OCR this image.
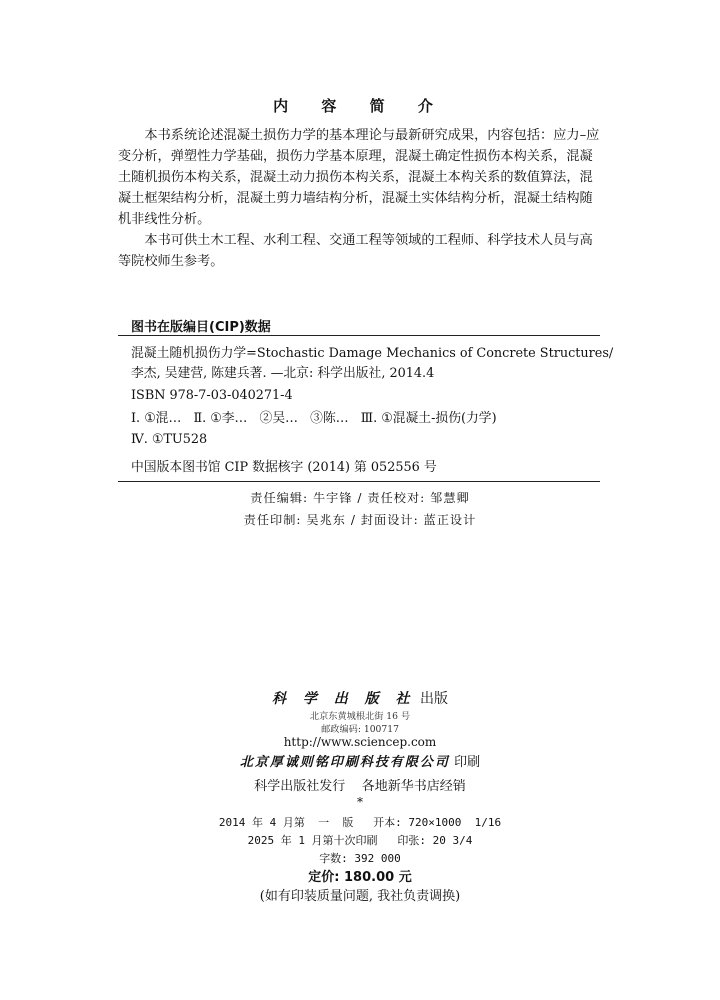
内 容 简 介

本书系统论述混凝土损伤力学的基本理论与最新研究成果，内容包括：应力–应变分析，弹塑性力学基础，损伤力学基本原理，混凝土确定性损伤本构关系，混凝土随机损伤本构关系，混凝土动力损伤本构关系，混凝土本构关系的数值算法，混凝土框架结构分析，混凝土剪力墙结构分析，混凝土实体结构分析，混凝土结构随机非线性分析。

本书可供土木工程、水利工程、交通工程等领域的工程师、科学技术人员与高等院校师生参考。

图书在版编目(CIP)数据
混凝土随机损伤力学=Stochastic Damage Mechanics of Concrete Structures/
李杰, 吴建营, 陈建兵著. —北京: 科学出版社, 2014.4
ISBN 978-7-03-040271-4
Ⅰ. ①混…   Ⅱ. ①李…   ②吴…   ③陈…   Ⅲ. ①混凝土-损伤(力学)
Ⅳ. ①TU528
中国版本图书馆 CIP 数据核字 (2014) 第 052556 号
责任编辑: 牛宇锋 / 责任校对: 邹慧卿
责任印制: 吴兆东 / 封面设计: 蓝正设计
科 学 出 版 社 出版
北京东黄城根北街 16 号
邮政编码: 100717
http://www.sciencep.com
北京厚诚则铭印刷科技有限公司 印刷
科学出版社发行    各地新华书店经销
*
2014 年 4 月第  一  版   开本: 720×1000  1/16
2025 年 1 月第十次印刷   印张: 20 3/4
字数: 392 000
定价: 180.00 元
(如有印装质量问题, 我社负责调换)
